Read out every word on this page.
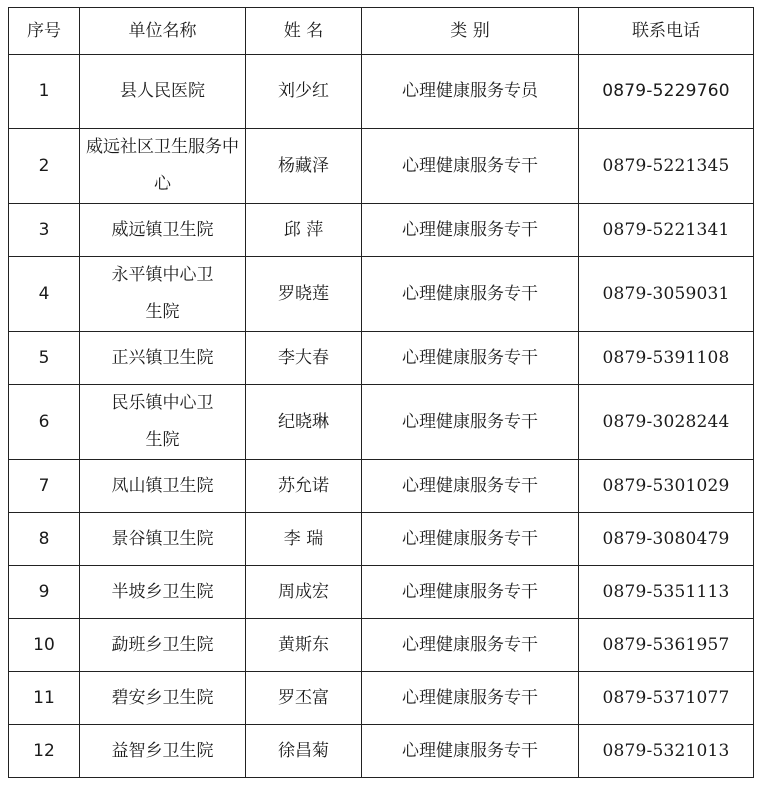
序号	单位名称	姓 名	类 别	联系电话
1	县人民医院	刘少红	心理健康服务专员	0879-5229760
2	威远社区卫生服务中心	杨藏泽	心理健康服务专干	0879-5221345
3	威远镇卫生院	邱 萍	心理健康服务专干	0879-5221341
4	永平镇中心卫生院	罗晓莲	心理健康服务专干	0879-3059031
5	正兴镇卫生院	李大春	心理健康服务专干	0879-5391108
6	民乐镇中心卫生院	纪晓琳	心理健康服务专干	0879-3028244
7	凤山镇卫生院	苏允诺	心理健康服务专干	0879-5301029
8	景谷镇卫生院	李 瑞	心理健康服务专干	0879-3080479
9	半坡乡卫生院	周成宏	心理健康服务专干	0879-5351113
10	勐班乡卫生院	黄斯东	心理健康服务专干	0879-5361957
11	碧安乡卫生院	罗丕富	心理健康服务专干	0879-5371077
12	益智乡卫生院	徐昌菊	心理健康服务专干	0879-5321013
